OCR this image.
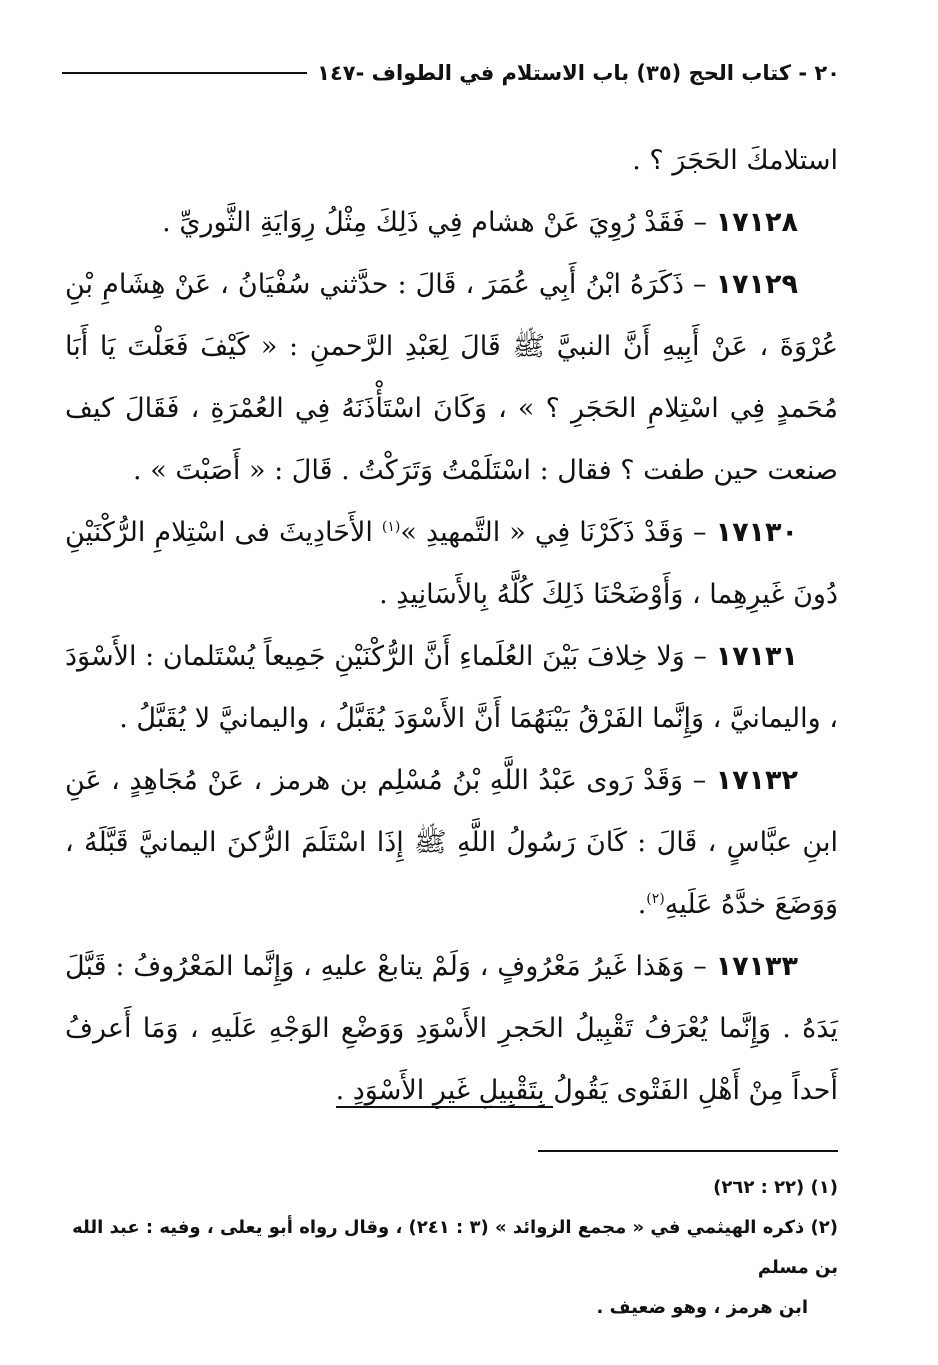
٢٠ - كتاب الحج (٣٥) باب الاستلام في الطواف -١٤٧

استلامكَ الحَجَرَ ؟ .

١٧١٢٨ – فَقَدْ رُوِيَ عَنْ هشام فِي ذَلِكَ مِثْلُ رِوَايَةِ الثَّوريِّ .

١٧١٢٩ – ذَكَرَهُ ابْنُ أَبِي عُمَرَ ، قَالَ : حدَّثني سُفْيَانُ ، عَنْ هِشَامِ بْنِ عُرْوَةَ ، عَنْ أَبِيهِ أَنَّ النبيَّ ﷺ قَالَ لِعَبْدِ الرَّحمنِ : « كَيْفَ فَعَلْتَ يَا أَبَا مُحَمدٍ فِي اسْتِلامِ الحَجَرِ ؟ » ، وَكَانَ اسْتَأْذَنَهُ فِي العُمْرَةِ ، فَقَالَ كيف صنعت حين طفت ؟ فقال : اسْتَلَمْتُ وَتَرَكْتُ . قَالَ : « أَصَبْتَ » .

١٧١٣٠ – وَقَدْ ذَكَرْنَا فِي « التَّمهيدِ »$^{(١)}$ الأَحَادِيثَ فى اسْتِلامِ الرُّكْنَيْنِ دُونَ غَيرِهِما ، وَأَوْضَحْنَا ذَلِكَ كُلَّهُ بِالأَسَانِيدِ .

١٧١٣١ – وَلا خِلافَ بَيْنَ العُلَماءِ أَنَّ الرُّكْنَيْنِ جَمِيعاً يُسْتَلمان : الأَسْوَدَ ، واليمانيَّ ، وَإِنَّما الفَرْقُ بَيْنَهُمَا أَنَّ الأَسْوَدَ يُقَبَّلُ ، واليمانيَّ لا يُقَبَّلُ .

١٧١٣٢ – وَقَدْ رَوى عَبْدُ اللَّهِ بْنُ مُسْلِم بن هرمز ، عَنْ مُجَاهِدٍ ، عَنِ ابنِ عبَّاسٍ ، قَالَ : كَانَ رَسُولُ اللَّهِ ﷺ إِذَا اسْتَلَمَ الرُّكنَ اليمانيَّ قَبَّلَهُ ، وَوَضَعَ خدَّهُ عَلَيهِ$^{(٢)}$.

١٧١٣٣ – وَهَذا غَيرُ مَعْرُوفٍ ، وَلَمْ يتابعْ عليهِ ، وَإِنَّما المَعْرُوفُ : قَبَّلَ يَدَهُ . وَإِنَّما يُعْرَفُ تَقْبِيلُ الحَجرِ الأَسْوَدِ وَوَضْعِ الوَجْهِ عَلَيهِ ، وَمَا أَعرفُ أَحداً مِنْ أَهْلِ الفَتْوى يَقُولُ بِتَقْبِيلِ غَيرِ الأَسْوَدِ .

(١) (٢٢ : ٢٦٢)

(٢) ذكره الهيثمي في « مجمع الزوائد » (٣ : ٢٤١) ، وقال رواه أبو يعلى ، وفيه : عبد الله بن مسلم

ابن هرمز ، وهو ضعيف .
